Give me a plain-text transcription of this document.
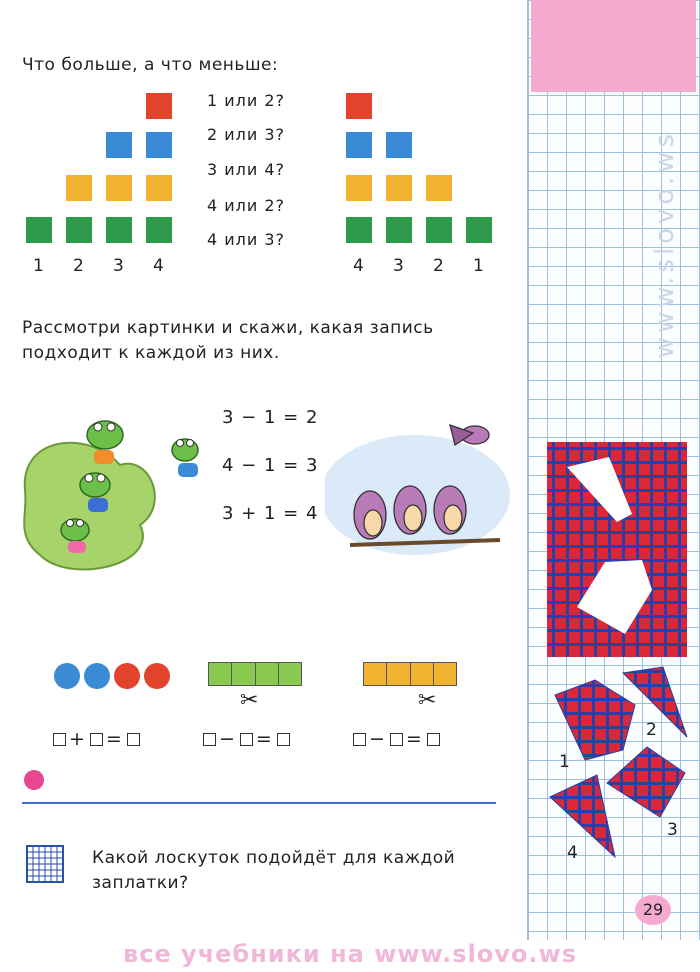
www.slovo.ws
Что больше, а что меньше:
1 2 3 4
1 или 2?
2 или 3?
3 или 4?
4 или 2?
4 или 3?
4 3 2 1
Рассмотри картинки и скажи, какая запись
подходит к каждой из них.
3 − 1 = 2
4 − 1 = 3
3 + 1 = 4
✂	✂
+ =	− =	− =
Какой лоскуток подойдёт для каждой
заплатки?
1
2
3
4
29
все учебники на www.slovo.ws
